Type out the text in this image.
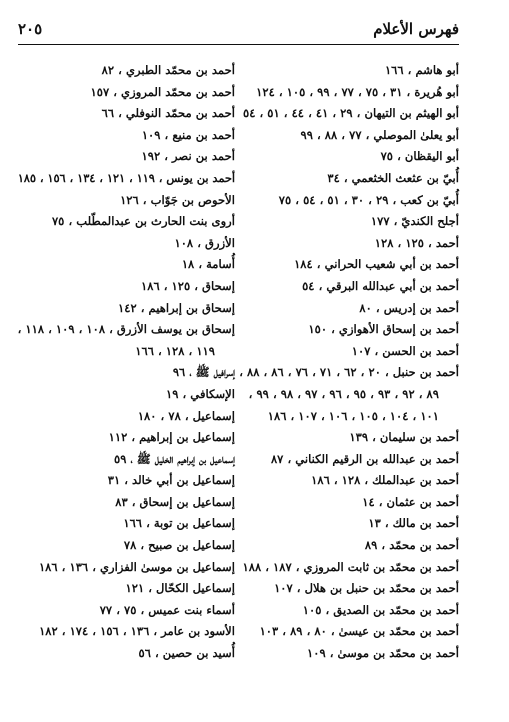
فهرس الأعلام
٢٠٥
أبو هاشم ، ١٦٦
أبو هُريرة ، ٣١ ، ٧٥ ، ٧٧ ، ٩٩ ، ١٠٥ ، ١٢٤
أبو الهيثم بن التيهان ، ٢٩ ، ٤١ ، ٤٤ ، ٥١ ، ٥٤
أبو يعلىٰ الموصلي ، ٧٧ ، ٨٨ ، ٩٩
أبو اليقظان ، ٧٥
أُبيّ بن عثعث الخثعمي ، ٣٤
أُبيّ بن كعب ، ٢٩ ، ٣٠ ، ٥١ ، ٥٤ ، ٧٥
أجلح الكنديّ ، ١٧٧
أحمد ، ١٢٥ ، ١٢٨
أحمد بن أبي شعيب الحراني ، ١٨٤
أحمد بن أبي عبدالله البرقي ، ٥٤
أحمد بن إدريس ، ٨٠
أحمد بن إسحاق الأهوازي ، ١٥٠
أحمد بن الحسن ، ١٠٧
أحمد بن حنبل ، ٢٠ ، ٦٢ ، ٧١ ، ٧٦ ، ٨٦ ، ٨٨ ،
٨٩ ، ٩٢ ، ٩٣ ، ٩٥ ، ٩٦ ، ٩٧ ، ٩٨ ، ٩٩ ،
١٠١ ، ١٠٤ ، ١٠٥ ، ١٠٦ ، ١٠٧ ، ١٨٦
أحمد بن سليمان ، ١٣٩
أحمد بن عبدالله بن الرقيم الكناني ، ٨٧
أحمد بن عبدالملك ، ١٢٨ ، ١٨٦
أحمد بن عثمان ، ١٤
أحمد بن مالك ، ١٣
أحمد بن محمّد ، ٨٩
أحمد بن محمّد بن ثابت المروزي ، ١٨٧ ، ١٨٨
أحمد بن محمّد بن حنبل بن هلال ، ١٠٧
أحمد بن محمّد بن الصديق ، ١٠٥
أحمد بن محمّد بن عيسىٰ ، ٨٠ ، ٨٩ ، ١٠٣
أحمد بن محمّد بن موسىٰ ، ١٠٩
أحمد بن محمّد الطبري ، ٨٢
أحمد بن محمّد المروزي ، ١٥٧
أحمد بن محمّد النوفلي ، ٦٦
أحمد بن منيع ، ١٠٩
أحمد بن نصر ، ١٩٢
أحمد بن يونس ، ١١٩ ، ١٢١ ، ١٣٤ ، ١٥٦ ، ١٨٥
الأحوص بن جَوّاب ، ١٢٦
أروى بنت الحارث بن عبدالمطّلب ، ٧٥
الأزرق ، ١٠٨
أُسامة ، ١٨
إسحاق ، ١٢٥ ، ١٨٦
إسحاق بن إبراهيم ، ١٤٢
إسحاق بن يوسف الأزرق ، ١٠٨ ، ١٠٩ ، ١١٨ ،
١١٩ ، ١٢٨ ، ١٦٦
إسرافيل ﷺ ، ٩٦
الإسكافي ، ١٩
إسماعيل ، ٧٨ ، ١٨٠
إسماعيل بن إبراهيم ، ١١٢
إسماعيل بن إبراهيم الخليل ﷺ ، ٥٩
إسماعيل بن أبي خالد ، ٣١
إسماعيل بن إسحاق ، ٨٣
إسماعيل بن توبة ، ١٦٦
إسماعيل بن صبيح ، ٧٨
إسماعيل بن موسىٰ الفزاري ، ١٣٦ ، ١٨٦
إسماعيل الكحّال ، ١٢١
أسماء بنت عميس ، ٧٥ ، ٧٧
الأسود بن عامر ، ١٣٦ ، ١٥٦ ، ١٧٤ ، ١٨٢
أُسيد بن حصين ، ٥٦
